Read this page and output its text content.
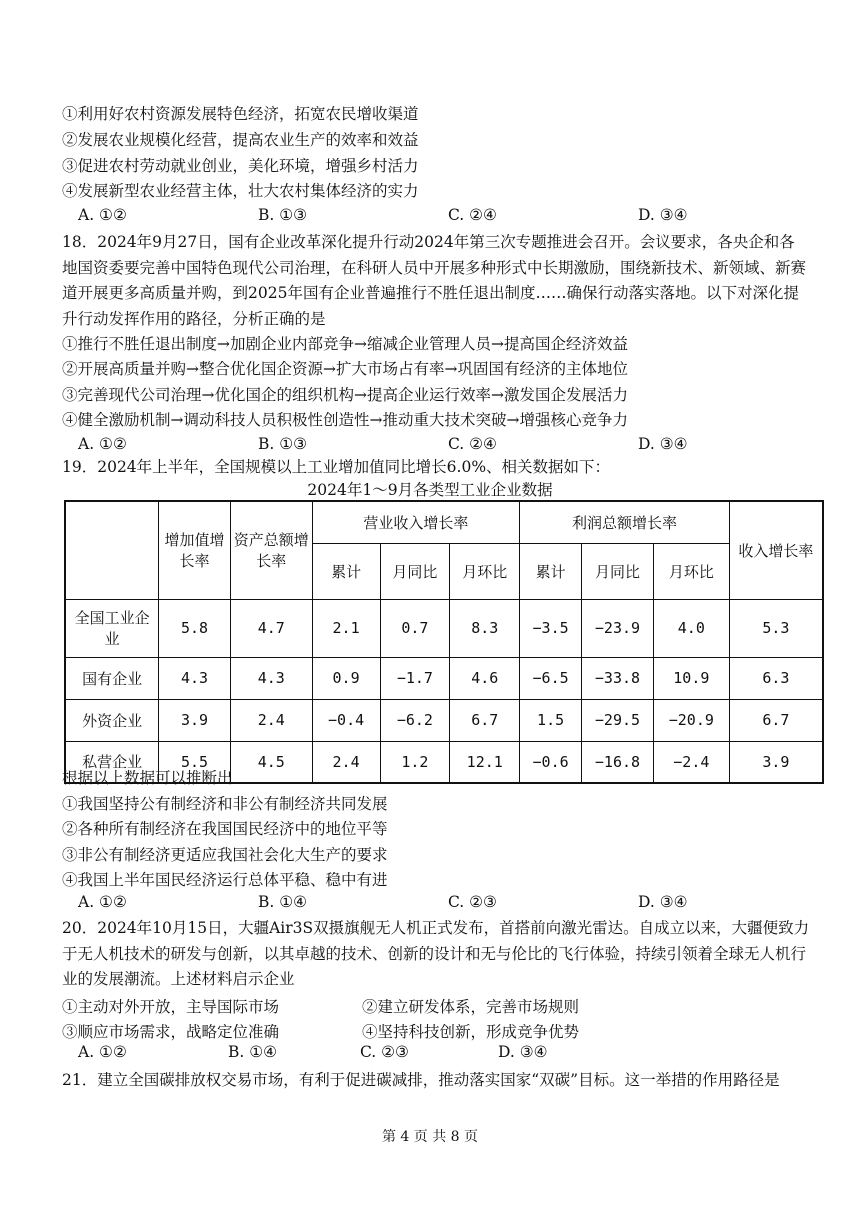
①利用好农村资源发展特色经济，拓宽农民增收渠道
②发展农业规模化经营，提高农业生产的效率和效益
③促进农村劳动就业创业，美化环境，增强乡村活力
④发展新型农业经营主体，壮大农村集体经济的实力
A. ①②	B. ①③	C. ②④	D. ③④
18．2024年9月27日，国有企业改革深化提升行动2024年第三次专题推进会召开。会议要求，各央企和各地国资委要完善中国特色现代公司治理，在科研人员中开展多种形式中长期激励，围绕新技术、新领域、新赛道开展更多高质量并购，到2025年国有企业普遍推行不胜任退出制度……确保行动落实落地。以下对深化提升行动发挥作用的路径，分析正确的是
①推行不胜任退出制度→加剧企业内部竞争→缩减企业管理人员→提高国企经济效益
②开展高质量并购→整合优化国企资源→扩大市场占有率→巩固国有经济的主体地位
③完善现代公司治理→优化国企的组织机构→提高企业运行效率→激发国企发展活力
④健全激励机制→调动科技人员积极性创造性→推动重大技术突破→增强核心竞争力
A. ①②	B. ①③	C. ②④	D. ③④
19．2024年上半年，全国规模以上工业增加值同比增长6.0%、相关数据如下：
2024年1～9月各类型工业企业数据
	增加值增长率	资产总额增长率	营业收入增长率			利润总额增长率			收入增长率
			累计	月同比	月环比	累计	月同比	月环比	
全国工业企业	5.8	4.7	2.1	0.7	8.3	−3.5	−23.9	4.0	5.3
国有企业	4.3	4.3	0.9	−1.7	4.6	−6.5	−33.8	10.9	6.3
外资企业	3.9	2.4	−0.4	−6.2	6.7	1.5	−29.5	−20.9	6.7
私营企业	5.5	4.5	2.4	1.2	12.1	−0.6	−16.8	−2.4	3.9
根据以上数据可以推断出
①我国坚持公有制经济和非公有制经济共同发展
②各种所有制经济在我国国民经济中的地位平等
③非公有制经济更适应我国社会化大生产的要求
④我国上半年国民经济运行总体平稳、稳中有进
A. ①②	B. ①④	C. ②③	D. ③④
20．2024年10月15日，大疆Air3S双摄旗舰无人机正式发布，首搭前向激光雷达。自成立以来，大疆便致力于无人机技术的研发与创新，以其卓越的技术、创新的设计和无与伦比的飞行体验，持续引领着全球无人机行业的发展潮流。上述材料启示企业
①主动对外开放，主导国际市场	②建立研发体系，完善市场规则
③顺应市场需求，战略定位准确	④坚持科技创新，形成竞争优势
A. ①②	B. ①④	C. ②③	D. ③④
21．建立全国碳排放权交易市场，有利于促进碳减排，推动落实国家“双碳”目标。这一举措的作用路径是
第 4 页 共 8 页
